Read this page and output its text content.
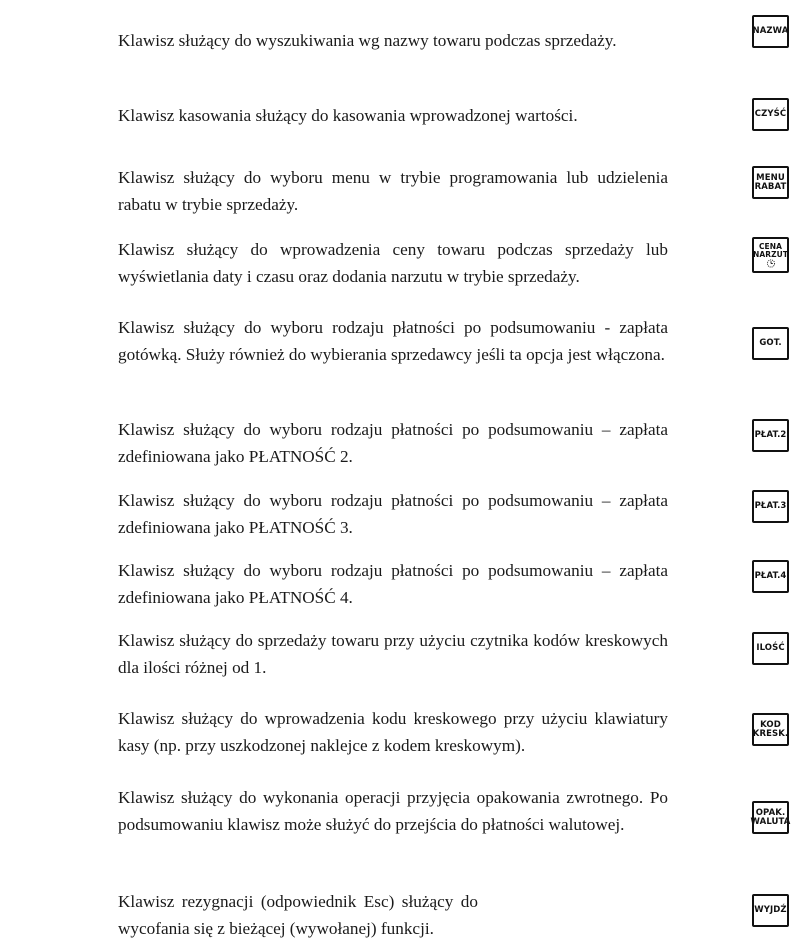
Klawisz służący do wyszukiwania wg nazwy towaru podczas sprzedaży.	NAZWA

Klawisz kasowania służący do kasowania wprowadzonej wartości.	CZYŚĆ

Klawisz służący do wyboru menu w trybie programowania lub udzielenia rabatu w trybie sprzedaży.

MENU
RABAT

Klawisz służący do wprowadzenia ceny towaru podczas sprzedaży lub wyświetlania daty i czasu oraz dodania narzutu w trybie sprzedaży.

CENA
NARZUT

Klawisz służący do wyboru rodzaju płatności po podsumowaniu - zapłata gotówką. Służy również do wybierania sprzedawcy jeśli ta opcja jest włączona.

GOT.

Klawisz służący do wyboru rodzaju płatności po podsumowaniu – zapłata zdefiniowana jako PŁATNOŚĆ 2.

PŁAT.2

Klawisz służący do wyboru rodzaju płatności po podsumowaniu – zapłata zdefiniowana jako PŁATNOŚĆ 3.

PŁAT.3

Klawisz służący do wyboru rodzaju płatności po podsumowaniu – zapłata zdefiniowana jako PŁATNOŚĆ 4.

PŁAT.4

Klawisz służący do sprzedaży towaru przy użyciu czytnika kodów kreskowych dla ilości różnej od 1.

ILOŚĆ

Klawisz służący do wprowadzenia kodu kreskowego przy użyciu klawiatury kasy (np. przy uszkodzonej naklejce z kodem kreskowym).

KOD
KRESK.

Klawisz służący do wykonania operacji przyjęcia opakowania zwrotnego. Po podsumowaniu klawisz może służyć do przejścia do płatności walutowej.

OPAK.
WALUTA

Klawisz rezygnacji (odpowiednik Esc) służący do wycofania się z bieżącej (wywołanej) funkcji.

WYJDŹ
